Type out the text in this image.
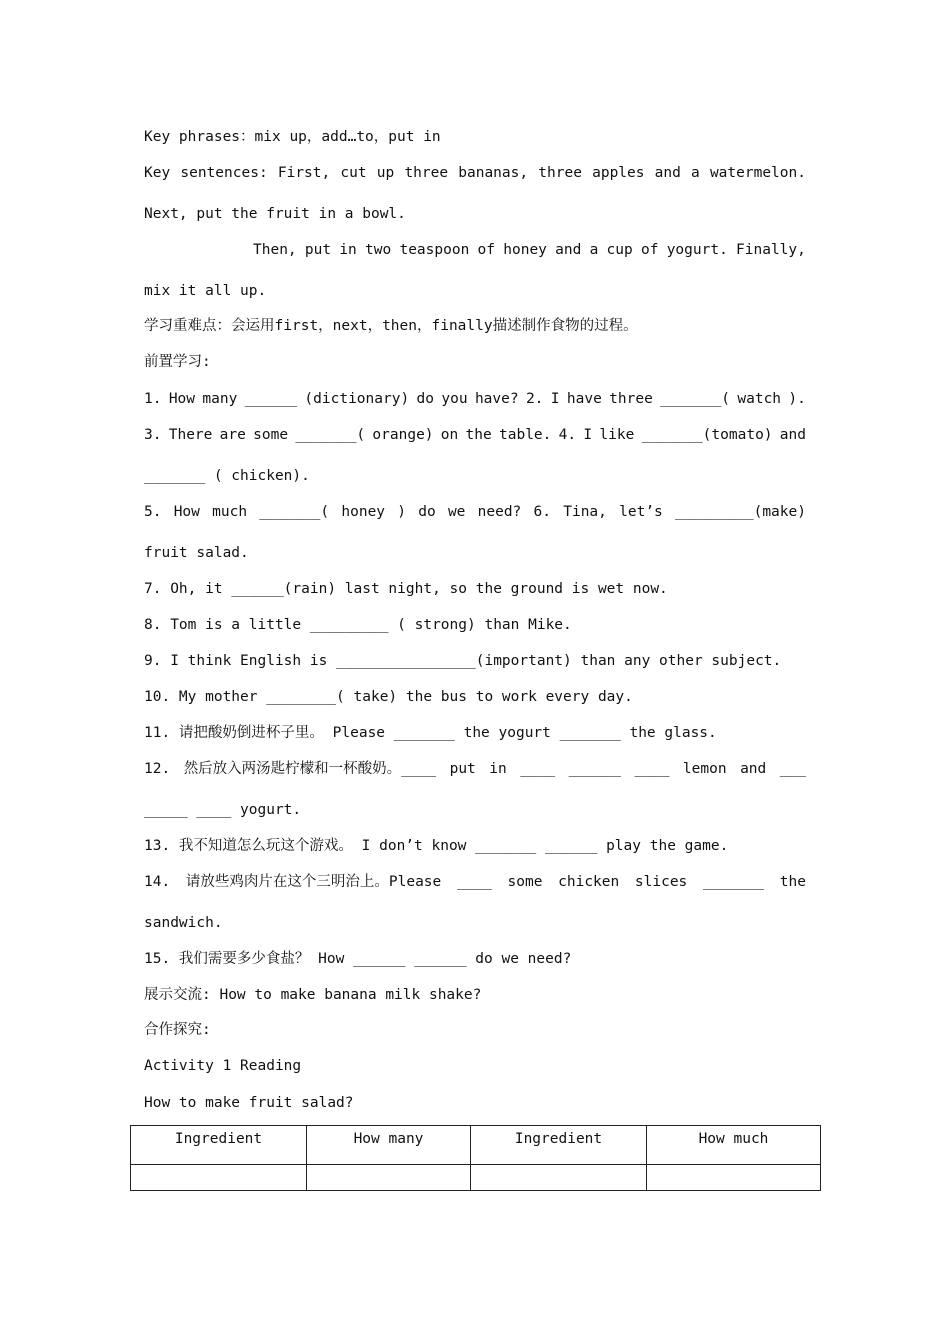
Key phrases：mix up，add…to，put in
Key sentences: First, cut up three bananas, three apples and a watermelon.
Next, put the fruit in a bowl.
Then, put in two teaspoon of honey and a cup of yogurt. Finally,
mix it all up.
学习重难点：会运用first，next，then，finally描述制作食物的过程。
前置学习:
1. How many ______ (dictionary) do you have? 2. I have three _______( watch ).
3. There are some _______( orange) on the table. 4. I like _______(tomato) and
_______ ( chicken).
5. How much _______( honey ) do we need? 6. Tina, let’s _________(make)
fruit salad.
7. Oh, it ______(rain) last night, so the ground is wet now.
8. Tom is a little _________ ( strong) than Mike.
9. I think English is ________________(important) than any other subject.
10. My mother ________( take) the bus to work every day.
11. 请把酸奶倒进杯子里。 Please _______ the yogurt _______ the glass.
12. 然后放入两汤匙柠檬和一杯酸奶。____ put in ____ ______ ____ lemon and ___
_____ ____ yogurt.
13. 我不知道怎么玩这个游戏。 I don’t know _______ ______ play the game.
14. 请放些鸡肉片在这个三明治上。Please ____ some chicken slices _______ the
sandwich.
15. 我们需要多少食盐？ How ______ ______ do we need?
展示交流: How to make banana milk shake?
合作探究:
Activity 1 Reading
How to make fruit salad?
Ingredient	How many	Ingredient	How much
